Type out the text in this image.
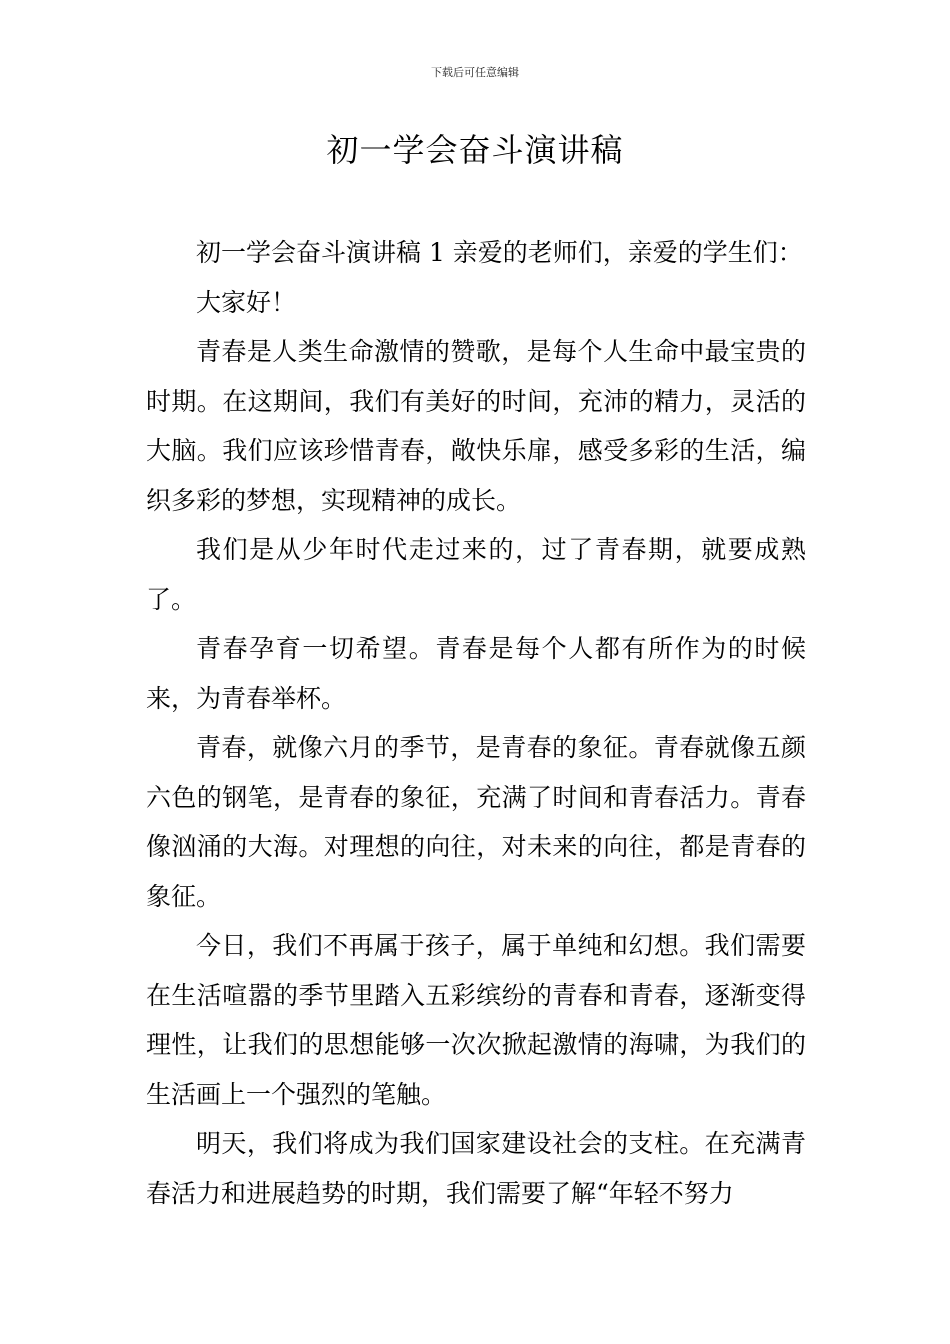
下载后可任意编辑
初一学会奋斗演讲稿

初一学会奋斗演讲稿 1 亲爱的老师们，亲爱的学生们：

大家好！

青春是人类生命激情的赞歌，是每个人生命中最宝贵的时期。在这期间，我们有美好的时间，充沛的精力，灵活的大脑。我们应该珍惜青春，敞快乐扉，感受多彩的生活，编织多彩的梦想，实现精神的成长。

我们是从少年时代走过来的，过了青春期，就要成熟了。

青春孕育一切希望。青春是每个人都有所作为的时候来，为青春举杯。

青春，就像六月的季节，是青春的象征。青春就像五颜六色的钢笔，是青春的象征，充满了时间和青春活力。青春像汹涌的大海。对理想的向往，对未来的向往，都是青春的象征。

今日，我们不再属于孩子，属于单纯和幻想。我们需要在生活喧嚣的季节里踏入五彩缤纷的青春和青春，逐渐变得理性，让我们的思想能够一次次掀起激情的海啸，为我们的生活画上一个强烈的笔触。

明天，我们将成为我们国家建设社会的支柱。在充满青春活力和进展趋势的时期，我们需要了解“年轻不努力
